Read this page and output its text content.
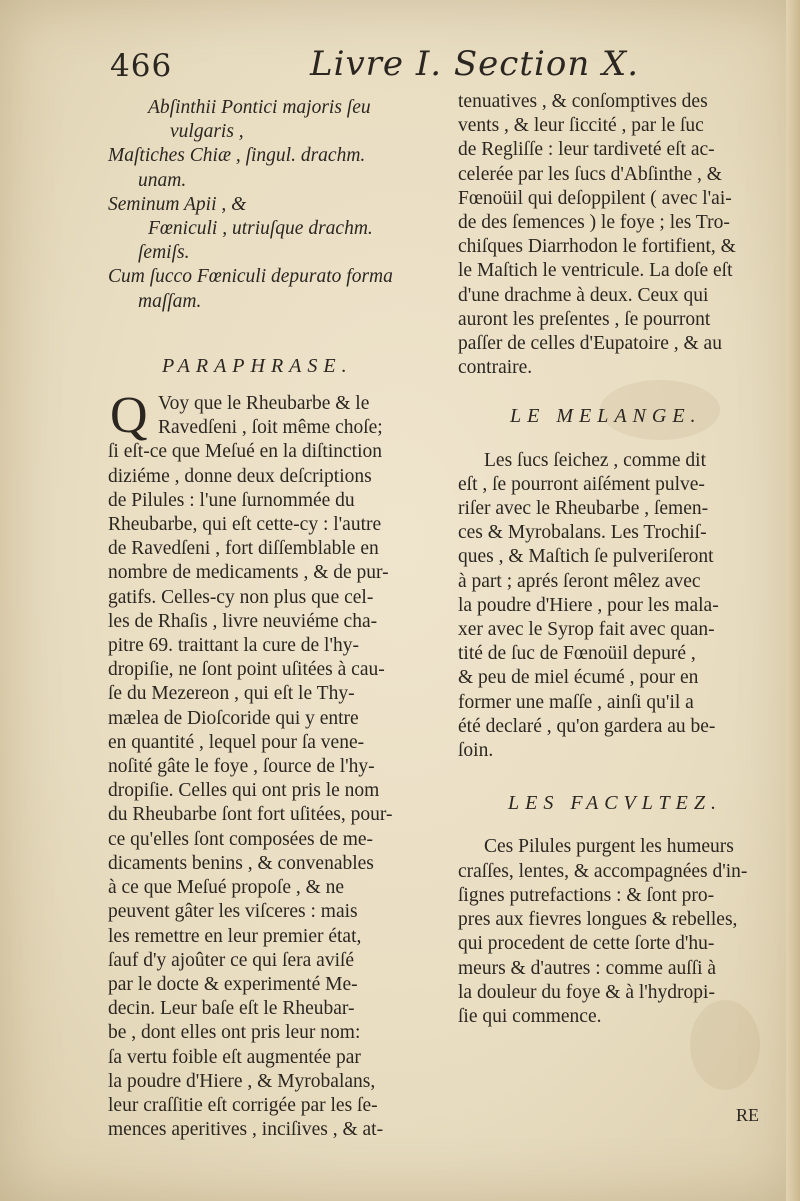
466	Livre I. Section X.
Abſinthii Pontici majoris ſeu
vulgaris ,
Maſtiches Chiæ , ſingul. drachm.
unam.
Seminum Apii , &
Fœniculi , utriuſque drachm.
ſemiſs.
Cum ſucco Fœniculi depurato forma
maſſam.
PARAPHRASE.
Q Voy que le Rheubarbe & le
Ravedſeni , ſoit même choſe;
ſi eſt-ce que Meſué en la diſtinction
diziéme , donne deux deſcriptions
de Pilules : l'une ſurnommée du
Rheubarbe, qui eſt cette-cy : l'autre
de Ravedſeni , fort diſſemblable en
nombre de medicaments , & de pur-
gatifs. Celles-cy non plus que cel-
les de Rhaſis , livre neuviéme cha-
pitre 69. traittant la cure de l'hy-
dropiſie, ne ſont point uſitées à cau-
ſe du Mezereon , qui eſt le Thy-
mælea de Dioſcoride qui y entre
en quantité , lequel pour ſa vene-
noſité gâte le foye , ſource de l'hy-
dropiſie. Celles qui ont pris le nom
du Rheubarbe ſont fort uſitées, pour-
ce qu'elles ſont composées de me-
dicaments benins , & convenables
à ce que Meſué propoſe , & ne
peuvent gâter les viſceres : mais
les remettre en leur premier état,
ſauf d'y ajoûter ce qui ſera aviſé
par le docte & experimenté Me-
decin. Leur baſe eſt le Rheubar-
be , dont elles ont pris leur nom:
ſa vertu foible eſt augmentée par
la poudre d'Hiere , & Myrobalans,
leur craſſitie eſt corrigée par les ſe-
mences aperitives , inciſives , & at-
tenuatives , & conſomptives des
vents , & leur ſiccité , par le ſuc
de Regliſſe : leur tardiveté eſt ac-
celerée par les ſucs d'Abſinthe , &
Fœnoüil qui deſoppilent ( avec l'ai-
de des ſemences ) le foye ; les Tro-
chiſques Diarrhodon le fortifient, &
le Maſtich le ventricule. La doſe eſt
d'une drachme à deux. Ceux qui
auront les preſentes , ſe pourront
paſſer de celles d'Eupatoire , & au
contraire.
LE MELANGE.
Les ſucs ſeichez , comme dit
eſt , ſe pourront aiſément pulve-
riſer avec le Rheubarbe , ſemen-
ces & Myrobalans. Les Trochiſ-
ques , & Maſtich ſe pulveriſeront
à part ; aprés ſeront mêlez avec
la poudre d'Hiere , pour les mala-
xer avec le Syrop fait avec quan-
tité de ſuc de Fœnoüil depuré ,
& peu de miel écumé , pour en
former une maſſe , ainſi qu'il a
été declaré , qu'on gardera au be-
ſoin.
LES FACVLTEZ.
Ces Pilules purgent les humeurs
craſſes, lentes, & accompagnées d'in-
ſignes putrefactions : & ſont pro-
pres aux fievres longues & rebelles,
qui procedent de cette ſorte d'hu-
meurs & d'autres : comme auſſi à
la douleur du foye & à l'hydropi-
ſie qui commence.
RE
